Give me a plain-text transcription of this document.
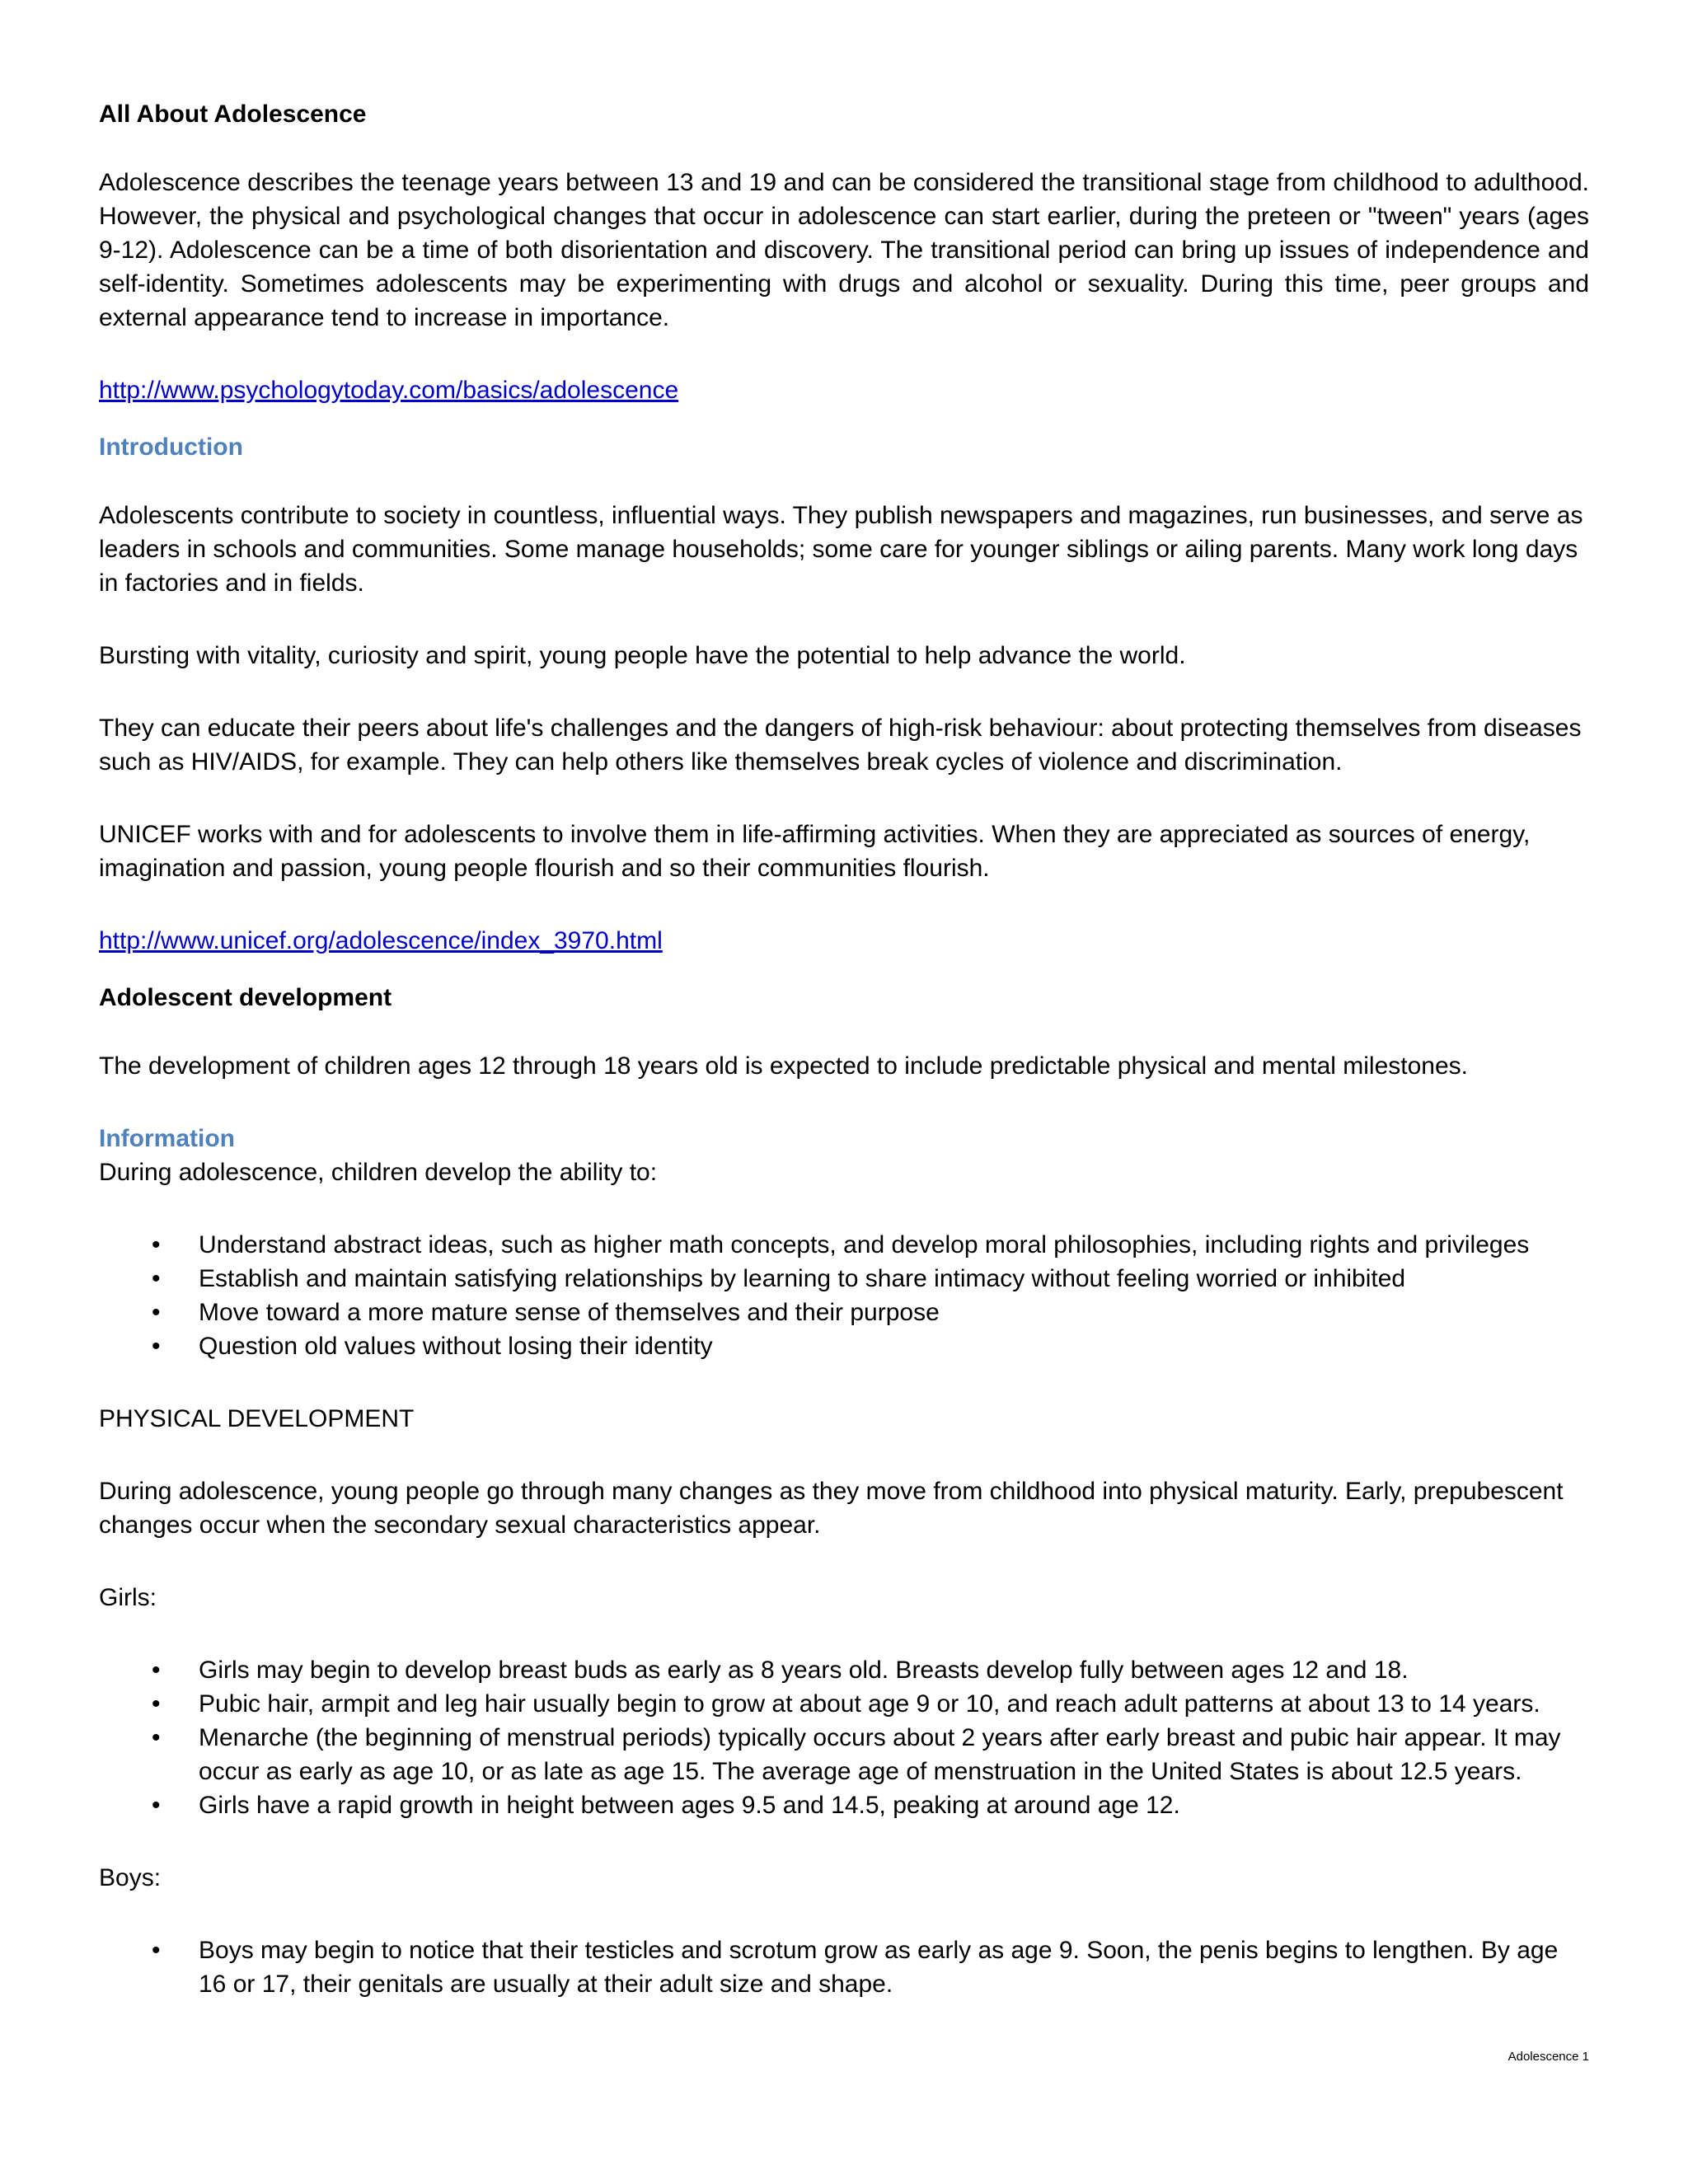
All About Adolescence

Adolescence describes the teenage years between 13 and 19 and can be considered the transitional stage from childhood to adulthood. However, the physical and psychological changes that occur in adolescence can start earlier, during the preteen or "tween" years (ages 9-12). Adolescence can be a time of both disorientation and discovery. The transitional period can bring up issues of independence and self-identity. Sometimes adolescents may be experimenting with drugs and alcohol or sexuality. During this time, peer groups and external appearance tend to increase in importance.

http://www.psychologytoday.com/basics/adolescence
Introduction

Adolescents contribute to society in countless, influential ways. They publish newspapers and magazines, run businesses, and serve as leaders in schools and communities. Some manage households; some care for younger siblings or ailing parents. Many work long days in factories and in fields.

Bursting with vitality, curiosity and spirit, young people have the potential to help advance the world.

They can educate their peers about life's challenges and the dangers of high-risk behaviour: about protecting themselves from diseases such as HIV/AIDS, for example. They can help others like themselves break cycles of violence and discrimination.

UNICEF works with and for adolescents to involve them in life-affirming activities. When they are appreciated as sources of energy, imagination and passion, young people flourish and so their communities flourish.

http://www.unicef.org/adolescence/index_3970.html
Adolescent development

The development of children ages 12 through 18 years old is expected to include predictable physical and mental milestones.

Information

During adolescence, children develop the ability to:

• Understand abstract ideas, such as higher math concepts, and develop moral philosophies, including rights and privileges
• Establish and maintain satisfying relationships by learning to share intimacy without feeling worried or inhibited
• Move toward a more mature sense of themselves and their purpose
• Question old values without losing their identity
PHYSICAL DEVELOPMENT

During adolescence, young people go through many changes as they move from childhood into physical maturity. Early, prepubescent changes occur when the secondary sexual characteristics appear.

Girls:

• Girls may begin to develop breast buds as early as 8 years old. Breasts develop fully between ages 12 and 18.
• Pubic hair, armpit and leg hair usually begin to grow at about age 9 or 10, and reach adult patterns at about 13 to 14 years.
• Menarche (the beginning of menstrual periods) typically occurs about 2 years after early breast and pubic hair appear. It may occur as early as age 10, or as late as age 15. The average age of menstruation in the United States is about 12.5 years.
• Girls have a rapid growth in height between ages 9.5 and 14.5, peaking at around age 12.

Boys:

• Boys may begin to notice that their testicles and scrotum grow as early as age 9. Soon, the penis begins to lengthen. By age 16 or 17, their genitals are usually at their adult size and shape.
Adolescence 1
